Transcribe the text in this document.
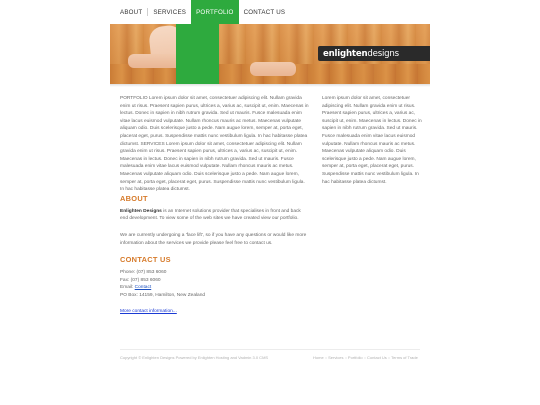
ABOUT	SERVICES	PORTFOLIO	CONTACT US
enlightendesigns

PORTFOLIO Lorem ipsum dolor sit amet, consectetuer adipiscing elit. Nullam gravida enim ut risus. Praesent sapien purus, ultrices a, varius ac, suscipit ut, enim. Maecenas in lectus. Donec in sapien in nibh rutrum gravida. Sed ut mauris. Fusce malesuada enim vitae lacus euismod vulputate. Nullam rhoncus mauris ac metus. Maecenas vulputate aliquam odio. Duis scelerisque justo a pede. Nam augue lorem, semper at, porta eget, placerat eget, purus. Suspendisse mattis nunc vestibulum ligula. In hac habitasse platea dictumst. SERVICES Lorem ipsum dolor sit amet, consectetuer adipiscing elit. Nullam gravida enim ut risus. Praesent sapien purus, ultrices a, varius ac, suscipit ut, enim. Maecenas in lectus. Donec in sapien in nibh rutrum gravida. Sed ut mauris. Fusce malesuada enim vitae lacus euismod vulputate. Nullam rhoncus mauris ac metus. Maecenas vulputate aliquam odio. Duis scelerisque justo a pede. Nam augue lorem, semper at, porta eget, placerat eget, purus. Suspendisse mattis nunc vestibulum ligula. In hac habitasse platea dictumst.

ABOUT

Enlighten Designs is an Internet solutions provider that specialises in front and back end development. To view some of the web sites we have created view our portfolio.

We are currently undergoing a 'face lift', so if you have any questions or would like more information about the services we provide please feel free to contact us.

CONTACT US
Phone: (07) 853 6060
Fax: (07) 853 6060
Email: Contact
PO Box: 14159, Hamilton, New Zealand
More contact information...

Lorem ipsum dolor sit amet, consectetuer adipiscing elit. Nullam gravida enim ut risus. Praesent sapien purus, ultrices a, varius ac, suscipit ut, enim. Maecenas in lectus. Donec in sapien in nibh rutrum gravida. Sed ut mauris. Fusce malesuada enim vitae lacus euismod vulputate. Nullam rhoncus mauris ac metus. Maecenas vulputate aliquam odio. Duis scelerisque justo a pede. Nam augue lorem, semper at, porta eget, placerat eget, purus. Suspendisse mattis nunc vestibulum ligula. In hac habitasse platea dictumst.

Copyright © Enlighten Designs Powered by Enlighten Hosting and Vadmin 3.0 CMS	Home :: Services :: Portfolio :: Contact Us :: Terms of Trade
